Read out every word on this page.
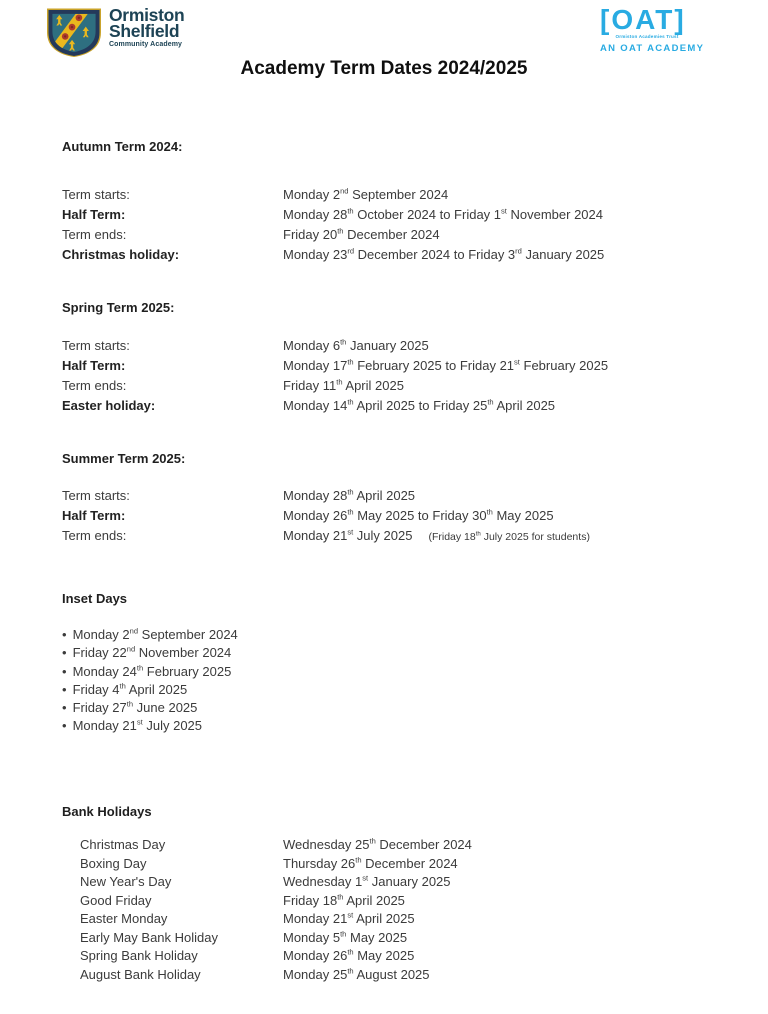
Ormiston
Shelfield
Community Academy
[OAT]
Ormiston Academies Trust
AN OAT ACADEMY
Academy Term Dates 2024/2025
Autumn Term 2024:
Term starts:	Monday 2nd September 2024
Half Term:	Monday 28th October 2024 to Friday 1st November 2024
Term ends:	Friday 20th December 2024
Christmas holiday:	Monday 23rd December 2024 to Friday 3rd January 2025
Spring Term 2025:
Term starts:	Monday 6th January 2025
Half Term:	Monday 17th February 2025 to Friday 21st February 2025
Term ends:	Friday 11th April 2025
Easter holiday:	Monday 14th April 2025 to Friday 25th April 2025
Summer Term 2025:
Term starts:	Monday 28th April 2025
Half Term:	Monday 26th May 2025 to Friday 30th May 2025
Term ends:	Monday 21st July 2025 (Friday 18th July 2025 for students)
Inset Days
• Monday 2nd September 2024
• Friday 22nd November 2024
• Monday 24th February 2025
• Friday 4th April 2025
• Friday 27th June 2025
• Monday 21st July 2025
Bank Holidays
Christmas Day	Wednesday 25th December 2024
Boxing Day	Thursday 26th December 2024
New Year's Day	Wednesday 1st January 2025
Good Friday	Friday 18th April 2025
Easter Monday	Monday 21st April 2025
Early May Bank Holiday	Monday 5th May 2025
Spring Bank Holiday	Monday 26th May 2025
August Bank Holiday	Monday 25th August 2025
